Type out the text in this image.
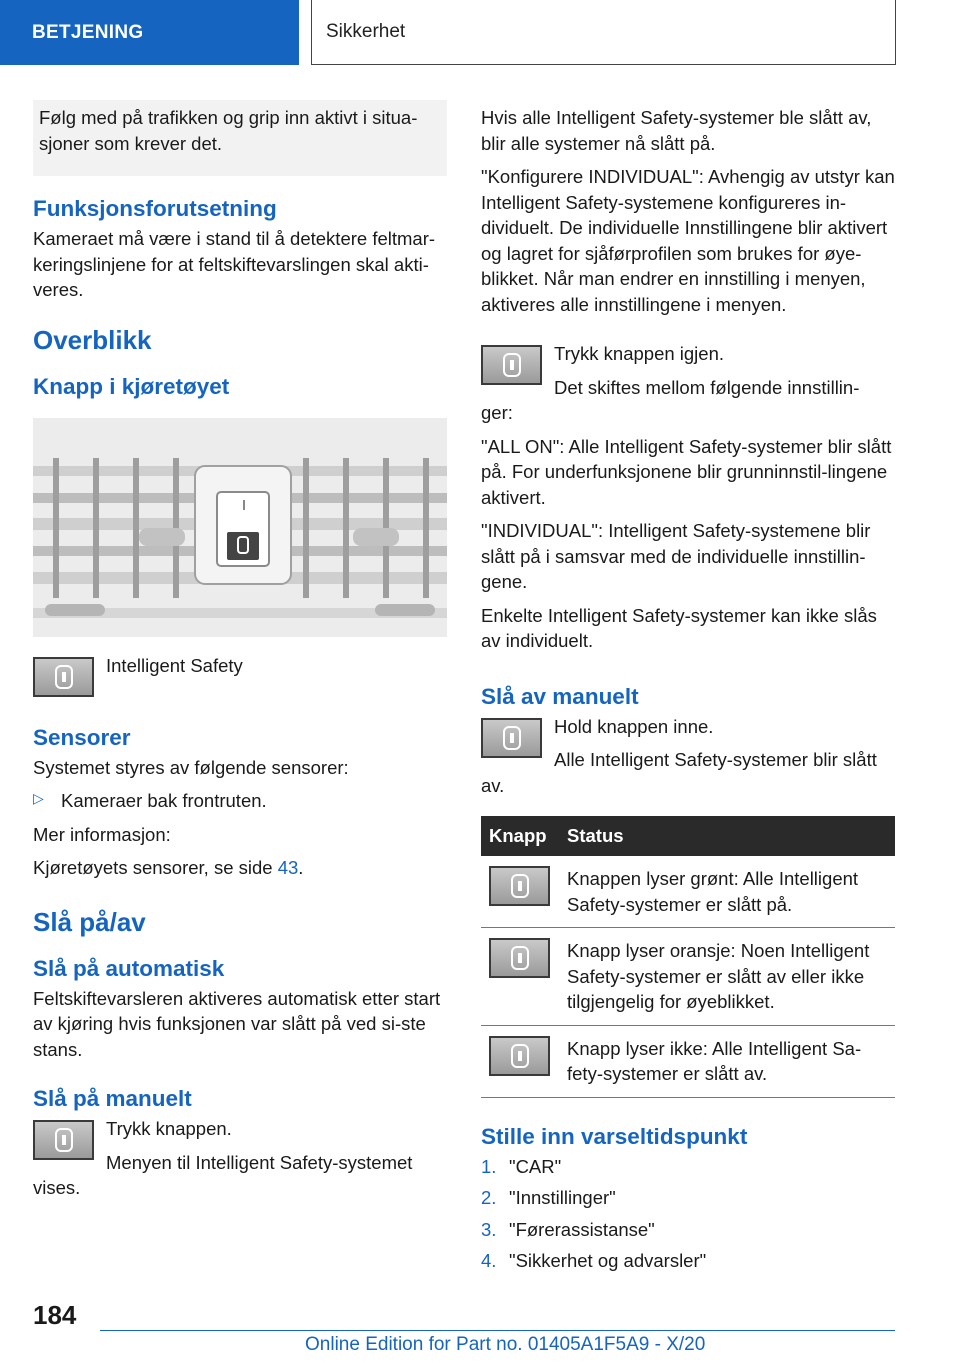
BETJENING	Sikkerhet
Følg med på trafikken og grip inn aktivt i situa-sjoner som krever det.
Funksjonsforutsetning

Kameraet må være i stand til å detektere feltmar-keringslinjene for at feltskiftevarslingen skal akti-veres.

Overblikk
Knapp i kjøretøyet

Intelligent Safety

Sensorer

Systemet styres av følgende sensorer:

▷ Kameraer bak frontruten.

Mer informasjon:

Kjøretøyets sensorer, se side 43.

Slå på/av
Slå på automatisk

Feltskiftevarsleren aktiveres automatisk etter start av kjøring hvis funksjonen var slått på ved si-ste stans.

Slå på manuelt

Trykk knappen.

Menyen til Intelligent Safety-systemet

vises.

Hvis alle Intelligent Safety-systemer ble slått av, blir alle systemer nå slått på.

"Konfigurere INDIVIDUAL": Avhengig av utstyr kan Intelligent Safety-systemene konfigureres in-dividuelt. De individuelle Innstillingene blir aktivert og lagret for sjåførprofilen som brukes for øye-blikket. Når man endrer en innstilling i menyen, aktiveres alle innstillingene i menyen.

Trykk knappen igjen.

Det skiftes mellom følgende innstillin-

ger:

"ALL ON": Alle Intelligent Safety-systemer blir slått på. For underfunksjonene blir grunninnstil-lingene aktivert.

"INDIVIDUAL": Intelligent Safety-systemene blir slått på i samsvar med de individuelle innstillin-gene.

Enkelte Intelligent Safety-systemer kan ikke slås av individuelt.

Slå av manuelt

Hold knappen inne.

Alle Intelligent Safety-systemer blir slått

av.

Knapp	Status

	Knappen lyser grønt: Alle Intelligent Safety-systemer er slått på.

	Knapp lyser oransje: Noen Intelligent Safety-systemer er slått av eller ikke tilgjengelig for øyeblikket.

	Knapp lyser ikke: Alle Intelligent Sa-fety-systemer er slått av.
Stille inn varseltidspunkt
1. "CAR"
2. "Innstillinger"
3. "Førerassistanse"
4. "Sikkerhet og advarsler"
184
Online Edition for Part no. 01405A1F5A9 - X/20
